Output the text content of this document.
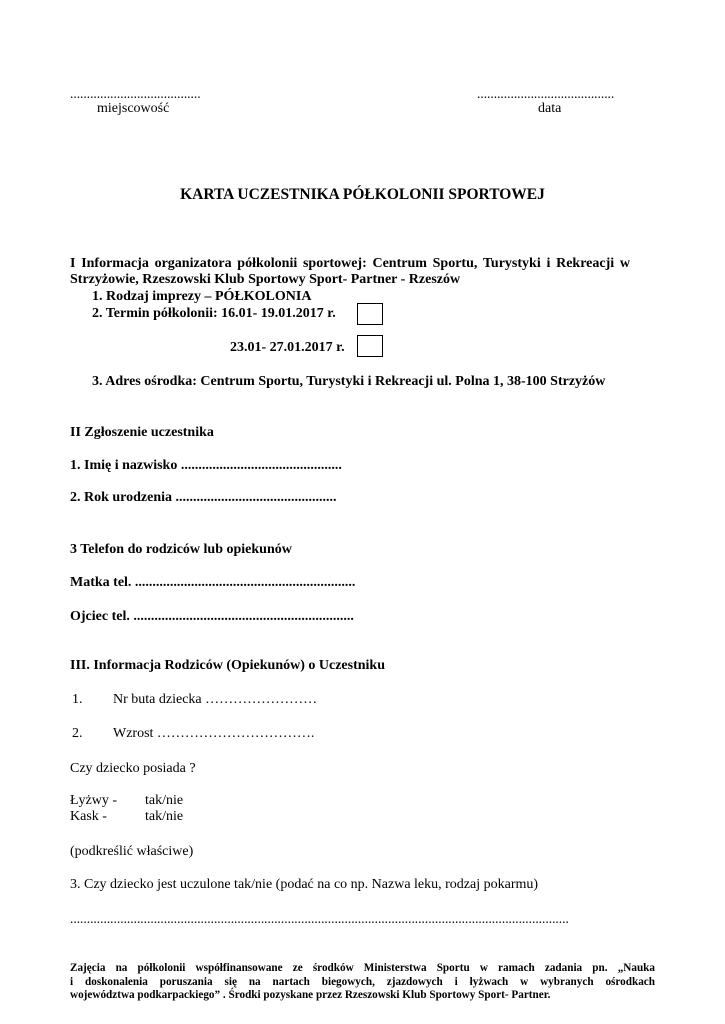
.......................................
miejscowość
.........................................
data
KARTA UCZESTNIKA PÓŁKOLONII SPORTOWEJ
I Informacja organizatora półkolonii sportowej: Centrum Sportu, Turystyki i Rekreacji w
Strzyżowie, Rzeszowski Klub Sportowy Sport- Partner - Rzeszów
1. Rodzaj imprezy – PÓŁKOLONIA
2. Termin półkolonii: 16.01- 19.01.2017 r.
23.01- 27.01.2017 r.
3. Adres ośrodka: Centrum Sportu, Turystyki i Rekreacji ul. Polna 1, 38-100 Strzyżów
II Zgłoszenie uczestnika
1. Imię i nazwisko ..............................................
2. Rok urodzenia ..............................................
3 Telefon do rodziców lub opiekunów
Matka tel. ...............................................................
Ojciec tel. ...............................................................
III. Informacja Rodziców (Opiekunów) o Uczestniku
1. Nr buta dziecka ……………………
2. Wzrost …………………………….
Czy dziecko posiada ?
Łyżwy - tak/nie
Kask -	tak/nie
(podkreślić właściwe)
3. Czy dziecko jest uczulone tak/nie (podać na co np. Nazwa leku, rodzaj pokarmu)
.....................................................................................................................................................
Zajęcia na półkolonii współfinansowane ze środków Ministerstwa Sportu w ramach zadania pn. „Nauka
i doskonalenia poruszania się na nartach biegowych, zjazdowych i łyżwach w wybranych ośrodkach
województwa podkarpackiego” . Środki pozyskane przez Rzeszowski Klub Sportowy Sport- Partner.
